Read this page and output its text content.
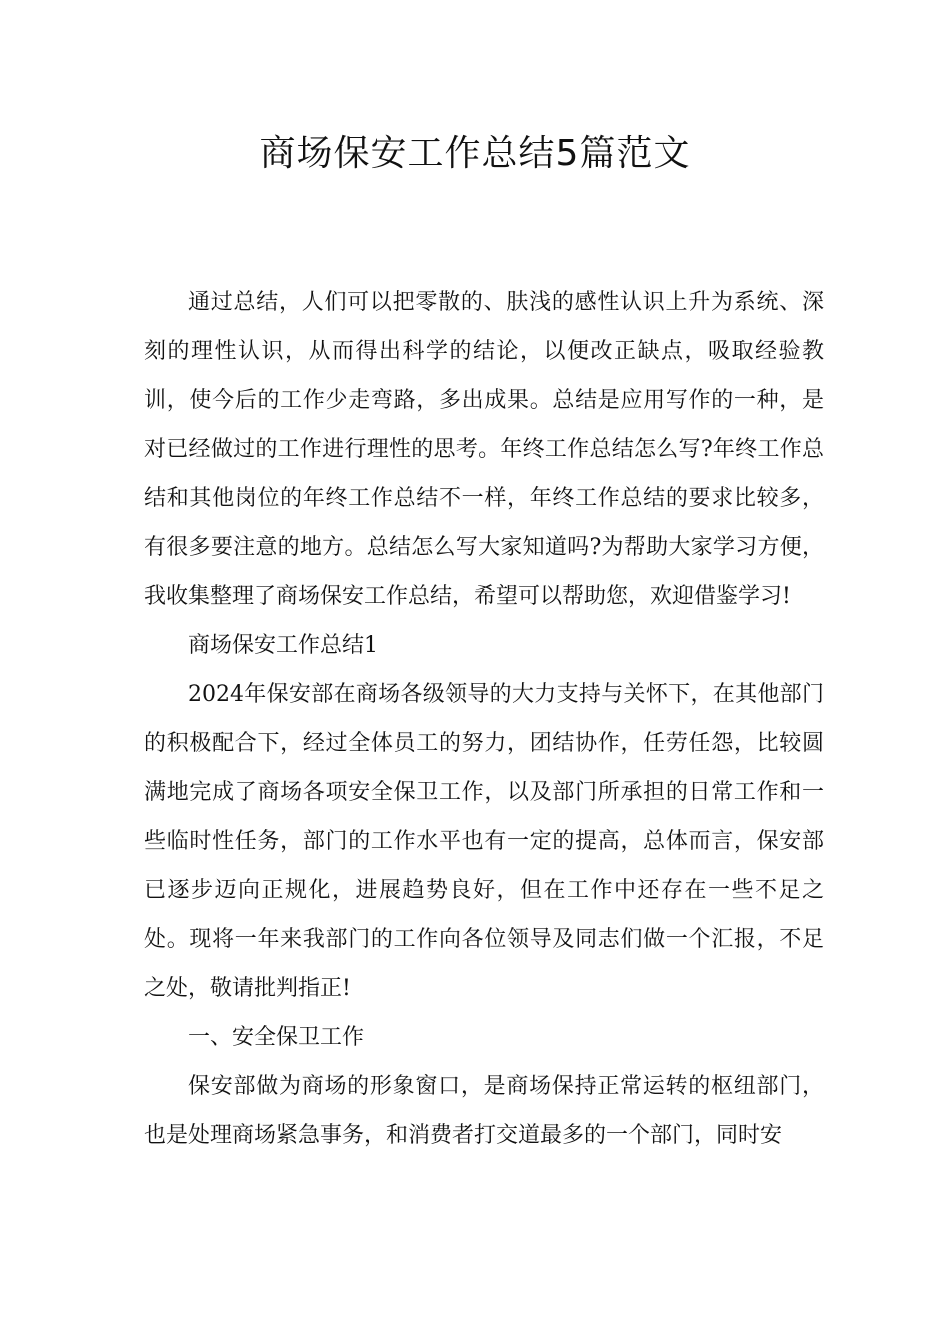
商场保安工作总结5篇范文

通过总结，人们可以把零散的、肤浅的感性认识上升为系统、深刻的理性认识，从而得出科学的结论，以便改正缺点，吸取经验教训，使今后的工作少走弯路，多出成果。总结是应用写作的一种，是对已经做过的工作进行理性的思考。年终工作总结怎么写?年终工作总结和其他岗位的年终工作总结不一样，年终工作总结的要求比较多，有很多要注意的地方。总结怎么写大家知道吗?为帮助大家学习方便，我收集整理了商场保安工作总结，希望可以帮助您，欢迎借鉴学习!

商场保安工作总结1

2024年保安部在商场各级领导的大力支持与关怀下，在其他部门的积极配合下，经过全体员工的努力，团结协作，任劳任怨，比较圆满地完成了商场各项安全保卫工作，以及部门所承担的日常工作和一些临时性任务，部门的工作水平也有一定的提高，总体而言，保安部已逐步迈向正规化，进展趋势良好，但在工作中还存在一些不足之处。现将一年来我部门的工作向各位领导及同志们做一个汇报，不足之处，敬请批判指正!

一、安全保卫工作

保安部做为商场的形象窗口，是商场保持正常运转的枢纽部门，也是处理商场紧急事务，和消费者打交道最多的一个部门，同时安
